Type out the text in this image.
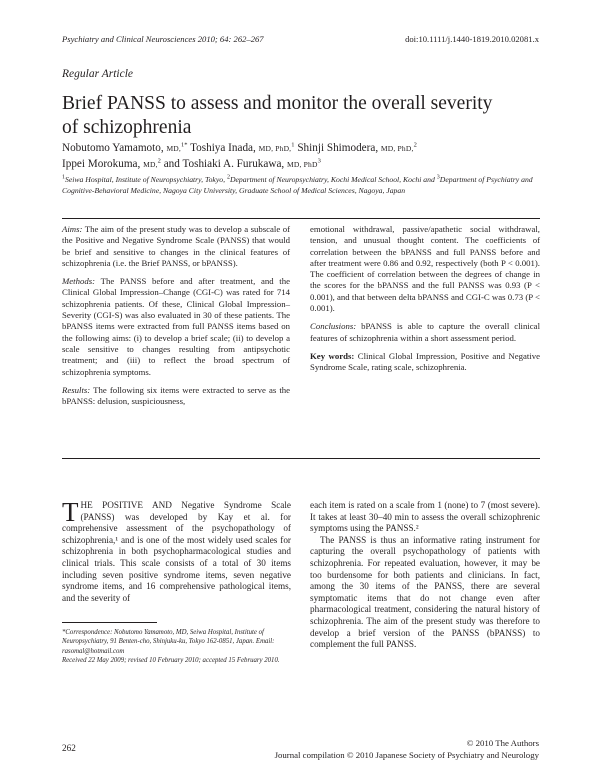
Psychiatry and Clinical Neurosciences 2010; 64: 262–267	doi:10.1111/j.1440-1819.2010.02081.x
Regular Article
Brief PANSS to assess and monitor the overall severity of schizophrenia
Nobutomo Yamamoto, MD,$^{1*}$ Toshiya Inada, MD, PhD,$^1$ Shinji Shimodera, MD, PhD,$^2$
Ippei Morokuma, MD,$^2$ and Toshiaki A. Furukawa, MD, PhD$^3$
$^1$Seiwa Hospital, Institute of Neuropsychiatry, Tokyo, $^2$Department of Neuropsychiatry, Kochi Medical School, Kochi and $^3$Department of Psychiatry and Cognitive-Behavioral Medicine, Nagoya City University, Graduate School of Medical Sciences, Nagoya, Japan

Aims: The aim of the present study was to develop a subscale of the Positive and Negative Syndrome Scale (PANSS) that would be brief and sensitive to changes in the clinical features of schizophrenia (i.e. the Brief PANSS, or bPANSS).

Methods: The PANSS before and after treatment, and the Clinical Global Impression–Change (CGI-C) was rated for 714 schizophrenia patients. Of these, Clinical Global Impression–Severity (CGI-S) was also evaluated in 30 of these patients. The bPANSS items were extracted from full PANSS items based on the following aims: (i) to develop a brief scale; (ii) to develop a scale sensitive to changes resulting from antipsychotic treatment; and (iii) to reflect the broad spectrum of schizophrenia symptoms.

Results: The following six items were extracted to serve as the bPANSS: delusion, suspiciousness,

emotional withdrawal, passive/apathetic social withdrawal, tension, and unusual thought content. The coefficients of correlation between the bPANSS and full PANSS before and after treatment were 0.86 and 0.92, respectively (both P < 0.001). The coefficient of correlation between the degrees of change in the scores for the bPANSS and the full PANSS was 0.93 (P < 0.001), and that between delta bPANSS and CGI-C was 0.73 (P < 0.001).

Conclusions: bPANSS is able to capture the overall clinical features of schizophrenia within a short assessment period.

Key words: Clinical Global Impression, Positive and Negative Syndrome Scale, rating scale, schizophrenia.

THE POSITIVE AND Negative Syndrome Scale (PANSS) was developed by Kay et al. for comprehensive assessment of the psychopathology of schizophrenia,¹ and is one of the most widely used scales for schizophrenia in both psychopharmacological studies and clinical trials. This scale consists of a total of 30 items including seven positive syndrome items, seven negative syndrome items, and 16 comprehensive pathological items, and the severity of

each item is rated on a scale from 1 (none) to 7 (most severe). It takes at least 30–40 min to assess the overall schizophrenic symptoms using the PANSS.²

The PANSS is thus an informative rating instrument for capturing the overall psychopathology of patients with schizophrenia. For repeated evaluation, however, it may be too burdensome for both patients and clinicians. In fact, among the 30 items of the PANSS, there are several symptomatic items that do not change even after pharmacological treatment, considering the natural history of schizophrenia. The aim of the present study was therefore to develop a brief version of the PANSS (bPANSS) to complement the full PANSS.

*Correspondence: Nobutomo Yamamoto, MD, Seiwa Hospital, Institute of Neuropsychiatry, 91 Benten-cho, Shinjuku-ku, Tokyo 162-0851, Japan. Email: rasomal@hotmail.com
Received 22 May 2009; revised 10 February 2010; accepted 15 February 2010.
262	© 2010 The Authors
Journal compilation © 2010 Japanese Society of Psychiatry and Neurology
